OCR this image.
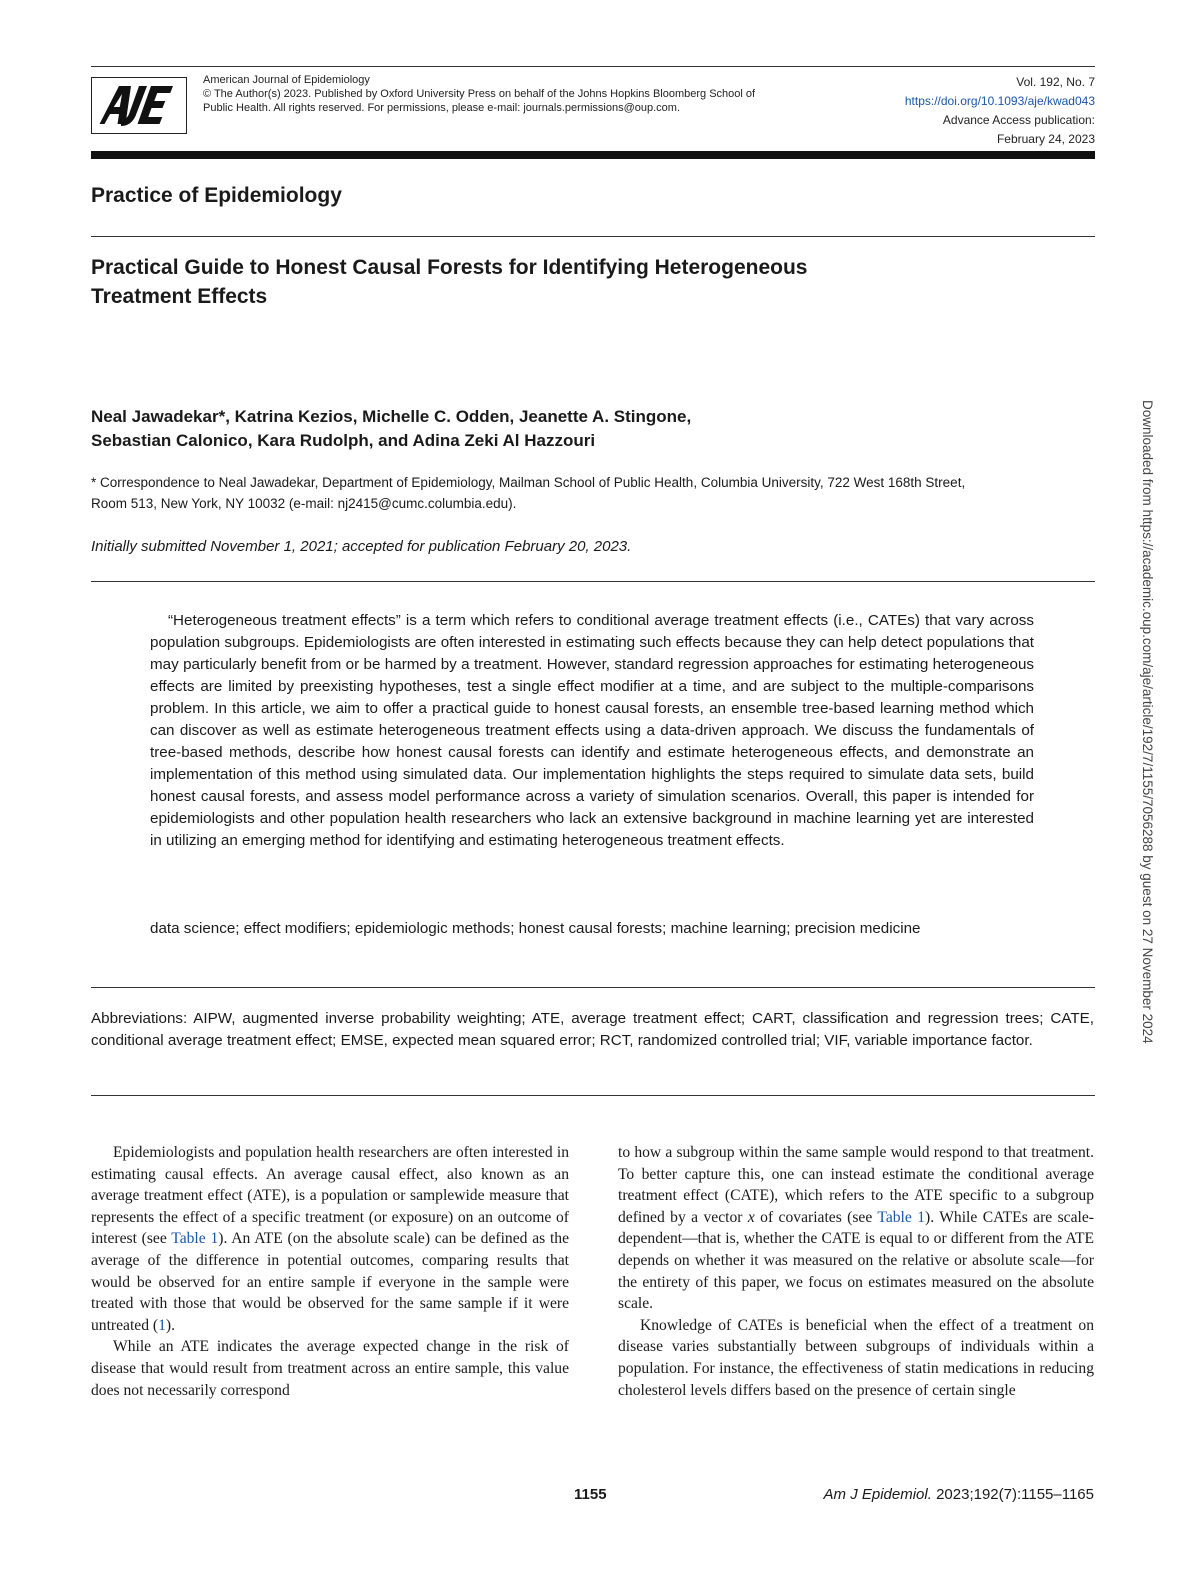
American Journal of Epidemiology
© The Author(s) 2023. Published by Oxford University Press on behalf of the Johns Hopkins Bloomberg School of
Public Health. All rights reserved. For permissions, please e-mail: journals.permissions@oup.com.
Vol. 192, No. 7
https://doi.org/10.1093/aje/kwad043
Advance Access publication:
February 24, 2023
Practice of Epidemiology
Practical Guide to Honest Causal Forests for Identifying Heterogeneous
Treatment Effects
Neal Jawadekar*, Katrina Kezios, Michelle C. Odden, Jeanette A. Stingone,
Sebastian Calonico, Kara Rudolph, and Adina Zeki Al Hazzouri
* Correspondence to Neal Jawadekar, Department of Epidemiology, Mailman School of Public Health, Columbia University, 722 West 168th Street, Room 513, New York, NY 10032 (e-mail: nj2415@cumc.columbia.edu).
Initially submitted November 1, 2021; accepted for publication February 20, 2023.
“Heterogeneous treatment effects” is a term which refers to conditional average treatment effects (i.e., CATEs) that vary across population subgroups. Epidemiologists are often interested in estimating such effects because they can help detect populations that may particularly benefit from or be harmed by a treatment. However, standard regression approaches for estimating heterogeneous effects are limited by preexisting hypotheses, test a single effect modifier at a time, and are subject to the multiple-comparisons problem. In this article, we aim to offer a practical guide to honest causal forests, an ensemble tree-based learning method which can discover as well as estimate heterogeneous treatment effects using a data-driven approach. We discuss the fundamentals of tree-based methods, describe how honest causal forests can identify and estimate heterogeneous effects, and demonstrate an implementation of this method using simulated data. Our implementation highlights the steps required to simulate data sets, build honest causal forests, and assess model performance across a variety of simulation scenarios. Overall, this paper is intended for epidemiologists and other population health researchers who lack an extensive background in machine learning yet are interested in utilizing an emerging method for identifying and estimating heterogeneous treatment effects.
data science; effect modifiers; epidemiologic methods; honest causal forests; machine learning; precision medicine
Abbreviations: AIPW, augmented inverse probability weighting; ATE, average treatment effect; CART, classification and regression trees; CATE, conditional average treatment effect; EMSE, expected mean squared error; RCT, randomized controlled trial; VIF, variable importance factor.

Epidemiologists and population health researchers are often interested in estimating causal effects. An average causal effect, also known as an average treatment effect (ATE), is a population or samplewide measure that represents the effect of a specific treatment (or exposure) on an outcome of interest (see Table 1). An ATE (on the absolute scale) can be defined as the average of the difference in potential outcomes, comparing results that would be observed for an entire sample if everyone in the sample were treated with those that would be observed for the same sample if it were untreated (1).

While an ATE indicates the average expected change in the risk of disease that would result from treatment across an entire sample, this value does not necessarily correspond

to how a subgroup within the same sample would respond to that treatment. To better capture this, one can instead estimate the conditional average treatment effect (CATE), which refers to the ATE specific to a subgroup defined by a vector x of covariates (see Table 1). While CATEs are scale-dependent—that is, whether the CATE is equal to or different from the ATE depends on whether it was measured on the relative or absolute scale—for the entirety of this paper, we focus on estimates measured on the absolute scale.

Knowledge of CATEs is beneficial when the effect of a treatment on disease varies substantially between subgroups of individuals within a population. For instance, the effectiveness of statin medications in reducing cholesterol levels differs based on the presence of certain single

1155	Am J Epidemiol. 2023;192(7):1155–1165
Downloaded from https://academic.oup.com/aje/article/192/7/1155/7056288 by guest on 27 November 2024
